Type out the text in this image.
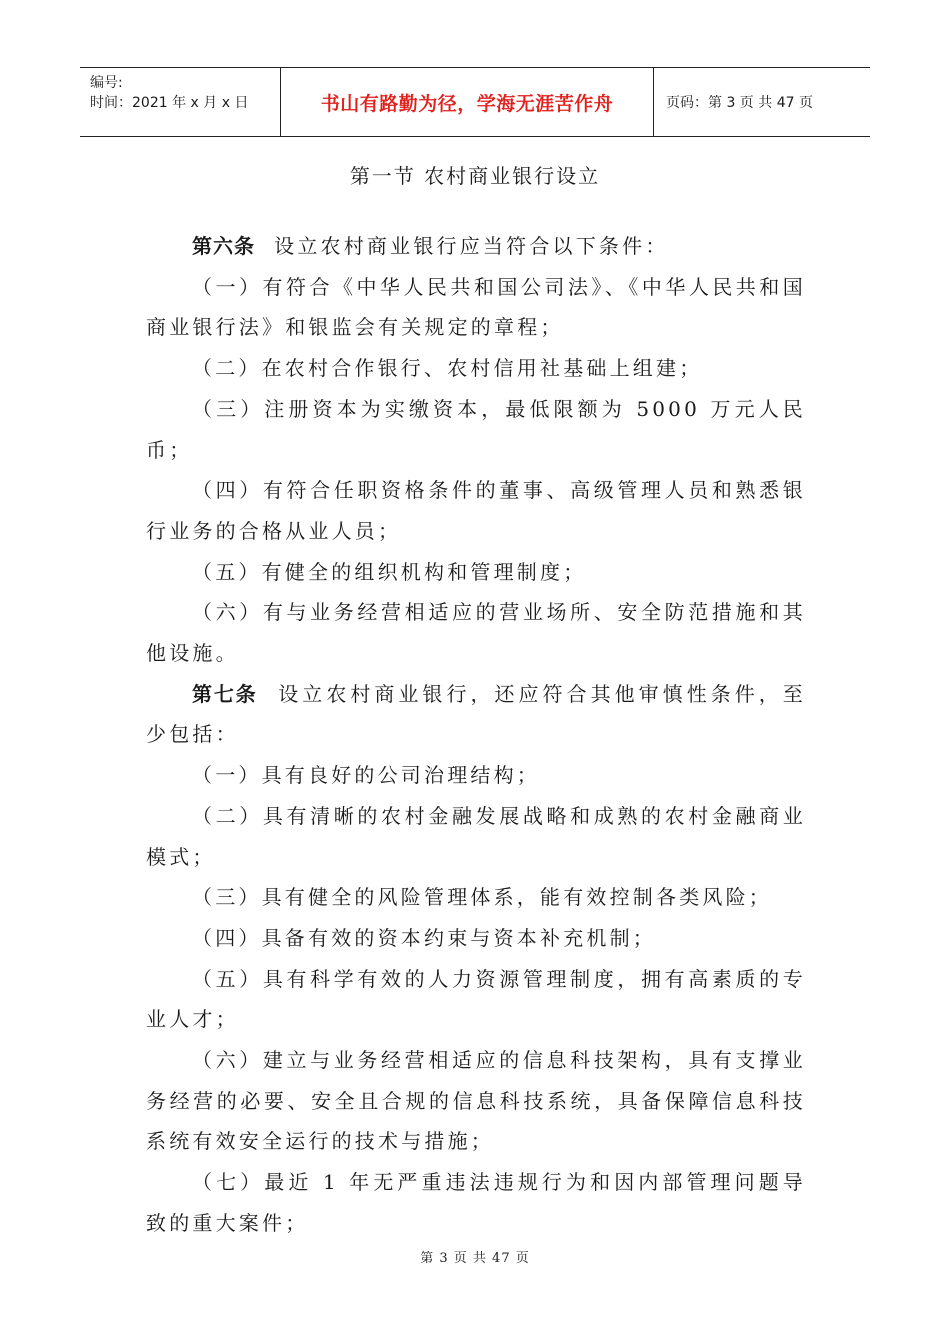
编号:
时间：2021 年 x 月 x 日	书山有路勤为径，学海无涯苦作舟	页码：第 3 页 共 47 页
第一节 农村商业银行设立

第六条 设立农村商业银行应当符合以下条件：

（一）有符合《中华人民共和国公司法》、《中华人民共和国商业银行法》和银监会有关规定的章程；

（二）在农村合作银行、农村信用社基础上组建；

（三）注册资本为实缴资本，最低限额为 5000 万元人民币；

（四）有符合任职资格条件的董事、高级管理人员和熟悉银行业务的合格从业人员；

（五）有健全的组织机构和管理制度；

（六）有与业务经营相适应的营业场所、安全防范措施和其他设施。

第七条 设立农村商业银行，还应符合其他审慎性条件，至少包括：

（一）具有良好的公司治理结构；

（二）具有清晰的农村金融发展战略和成熟的农村金融商业模式；

（三）具有健全的风险管理体系，能有效控制各类风险；

（四）具备有效的资本约束与资本补充机制；

（五）具有科学有效的人力资源管理制度，拥有高素质的专业人才；

（六）建立与业务经营相适应的信息科技架构，具有支撑业务经营的必要、安全且合规的信息科技系统，具备保障信息科技系统有效安全运行的技术与措施；

（七）最近 1 年无严重违法违规行为和因内部管理问题导致的重大案件；

第 3 页 共 47 页
